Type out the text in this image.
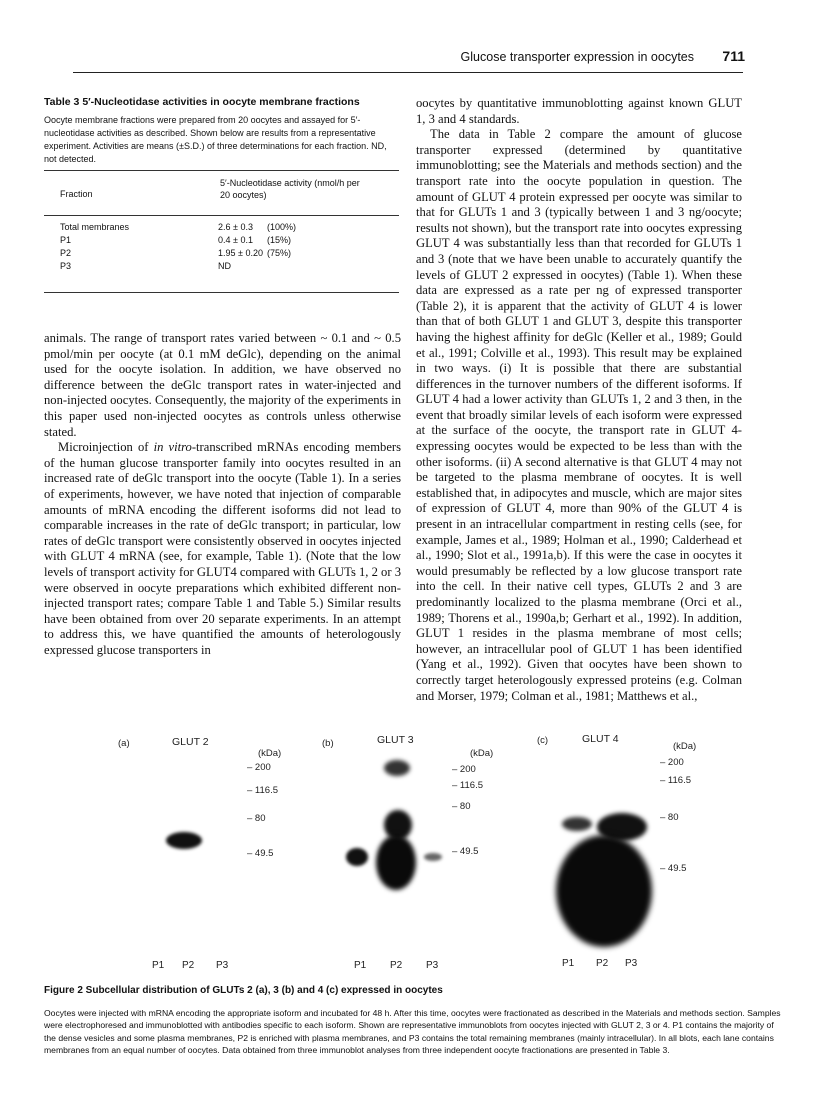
Glucose transporter expression in oocytes 711
Table 3 5′-Nucleotidase activities in oocyte membrane fractions
Oocyte membrane fractions were prepared from 20 oocytes and assayed for 5′-nucleotidase activities as described. Shown below are results from a representative experiment. Activities are means (±S.D.) of three determinations for each fraction. ND, not detected.
Fraction
5′-Nucleotidase activity (nmol/h per 20 oocytes)
Total membranes	2.6 ± 0.3 (100%)
P1	0.4 ± 0.1 (15%)
P2	1.95 ± 0.20 (75%)
P3	ND

animals. The range of transport rates varied between ~ 0.1 and ~ 0.5 pmol/min per oocyte (at 0.1 mM deGlc), depending on the animal used for the oocyte isolation. In addition, we have observed no difference between the deGlc transport rates in water-injected and non-injected oocytes. Consequently, the majority of the experiments in this paper used non-injected oocytes as controls unless otherwise stated.

Microinjection of in vitro-transcribed mRNAs encoding members of the human glucose transporter family into oocytes resulted in an increased rate of deGlc transport into the oocyte (Table 1). In a series of experiments, however, we have noted that injection of comparable amounts of mRNA encoding the different isoforms did not lead to comparable increases in the rate of deGlc transport; in particular, low rates of deGlc transport were consistently observed in oocytes injected with GLUT 4 mRNA (see, for example, Table 1). (Note that the low levels of transport activity for GLUT4 compared with GLUTs 1, 2 or 3 were observed in oocyte preparations which exhibited different non-injected transport rates; compare Table 1 and Table 5.) Similar results have been obtained from over 20 separate experiments. In an attempt to address this, we have quantified the amounts of heterologously expressed glucose transporters in

oocytes by quantitative immunoblotting against known GLUT 1, 3 and 4 standards.

The data in Table 2 compare the amount of glucose transporter expressed (determined by quantitative immunoblotting; see the Materials and methods section) and the transport rate into the oocyte population in question. The amount of GLUT 4 protein expressed per oocyte was similar to that for GLUTs 1 and 3 (typically between 1 and 3 ng/oocyte; results not shown), but the transport rate into oocytes expressing GLUT 4 was substantially less than that recorded for GLUTs 1 and 3 (note that we have been unable to accurately quantify the levels of GLUT 2 expressed in oocytes) (Table 1). When these data are expressed as a rate per ng of expressed transporter (Table 2), it is apparent that the activity of GLUT 4 is lower than that of both GLUT 1 and GLUT 3, despite this transporter having the highest affinity for deGlc (Keller et al., 1989; Gould et al., 1991; Colville et al., 1993). This result may be explained in two ways. (i) It is possible that there are substantial differences in the turnover numbers of the different isoforms. If GLUT 4 had a lower activity than GLUTs 1, 2 and 3 then, in the event that broadly similar levels of each isoform were expressed at the surface of the oocyte, the transport rate in GLUT 4-expressing oocytes would be expected to be less than with the other isoforms. (ii) A second alternative is that GLUT 4 may not be targeted to the plasma membrane of oocytes. It is well established that, in adipocytes and muscle, which are major sites of expression of GLUT 4, more than 90% of the GLUT 4 is present in an intracellular compartment in resting cells (see, for example, James et al., 1989; Holman et al., 1990; Calderhead et al., 1990; Slot et al., 1991a,b). If this were the case in oocytes it would presumably be reflected by a low glucose transport rate into the cell. In their native cell types, GLUTs 2 and 3 are predominantly localized to the plasma membrane (Orci et al., 1989; Thorens et al., 1990a,b; Gerhart et al., 1992). In addition, GLUT 1 resides in the plasma membrane of most cells; however, an intracellular pool of GLUT 1 has been identified (Yang et al., 1992). Given that oocytes have been shown to correctly target heterologously expressed proteins (e.g. Colman and Morser, 1979; Colman et al., 1981; Matthews et al.,

(a)	GLUT 2
(kDa)
– 200
– 116.5
– 80
– 49.5
P1 P2 P3
(b)	GLUT 3
(kDa)
– 200
– 116.5
– 80
– 49.5
P1 P2 P3
(c)	GLUT 4
(kDa)
– 200
– 116.5
– 80
– 49.5
P1 P2 P3
Figure 2 Subcellular distribution of GLUTs 2 (a), 3 (b) and 4 (c) expressed in oocytes
Oocytes were injected with mRNA encoding the appropriate isoform and incubated for 48 h. After this time, oocytes were fractionated as described in the Materials and methods section. Samples were electrophoresed and immunoblotted with antibodies specific to each isoform. Shown are representative immunoblots from oocytes injected with GLUT 2, 3 or 4. P1 contains the majority of the dense vesicles and some plasma membranes, P2 is enriched with plasma membranes, and P3 contains the total remaining membranes (mainly intracellular). In all blots, each lane contains membranes from an equal number of oocytes. Data obtained from three immunoblot analyses from three independent oocyte fractionations are presented in Table 3.
